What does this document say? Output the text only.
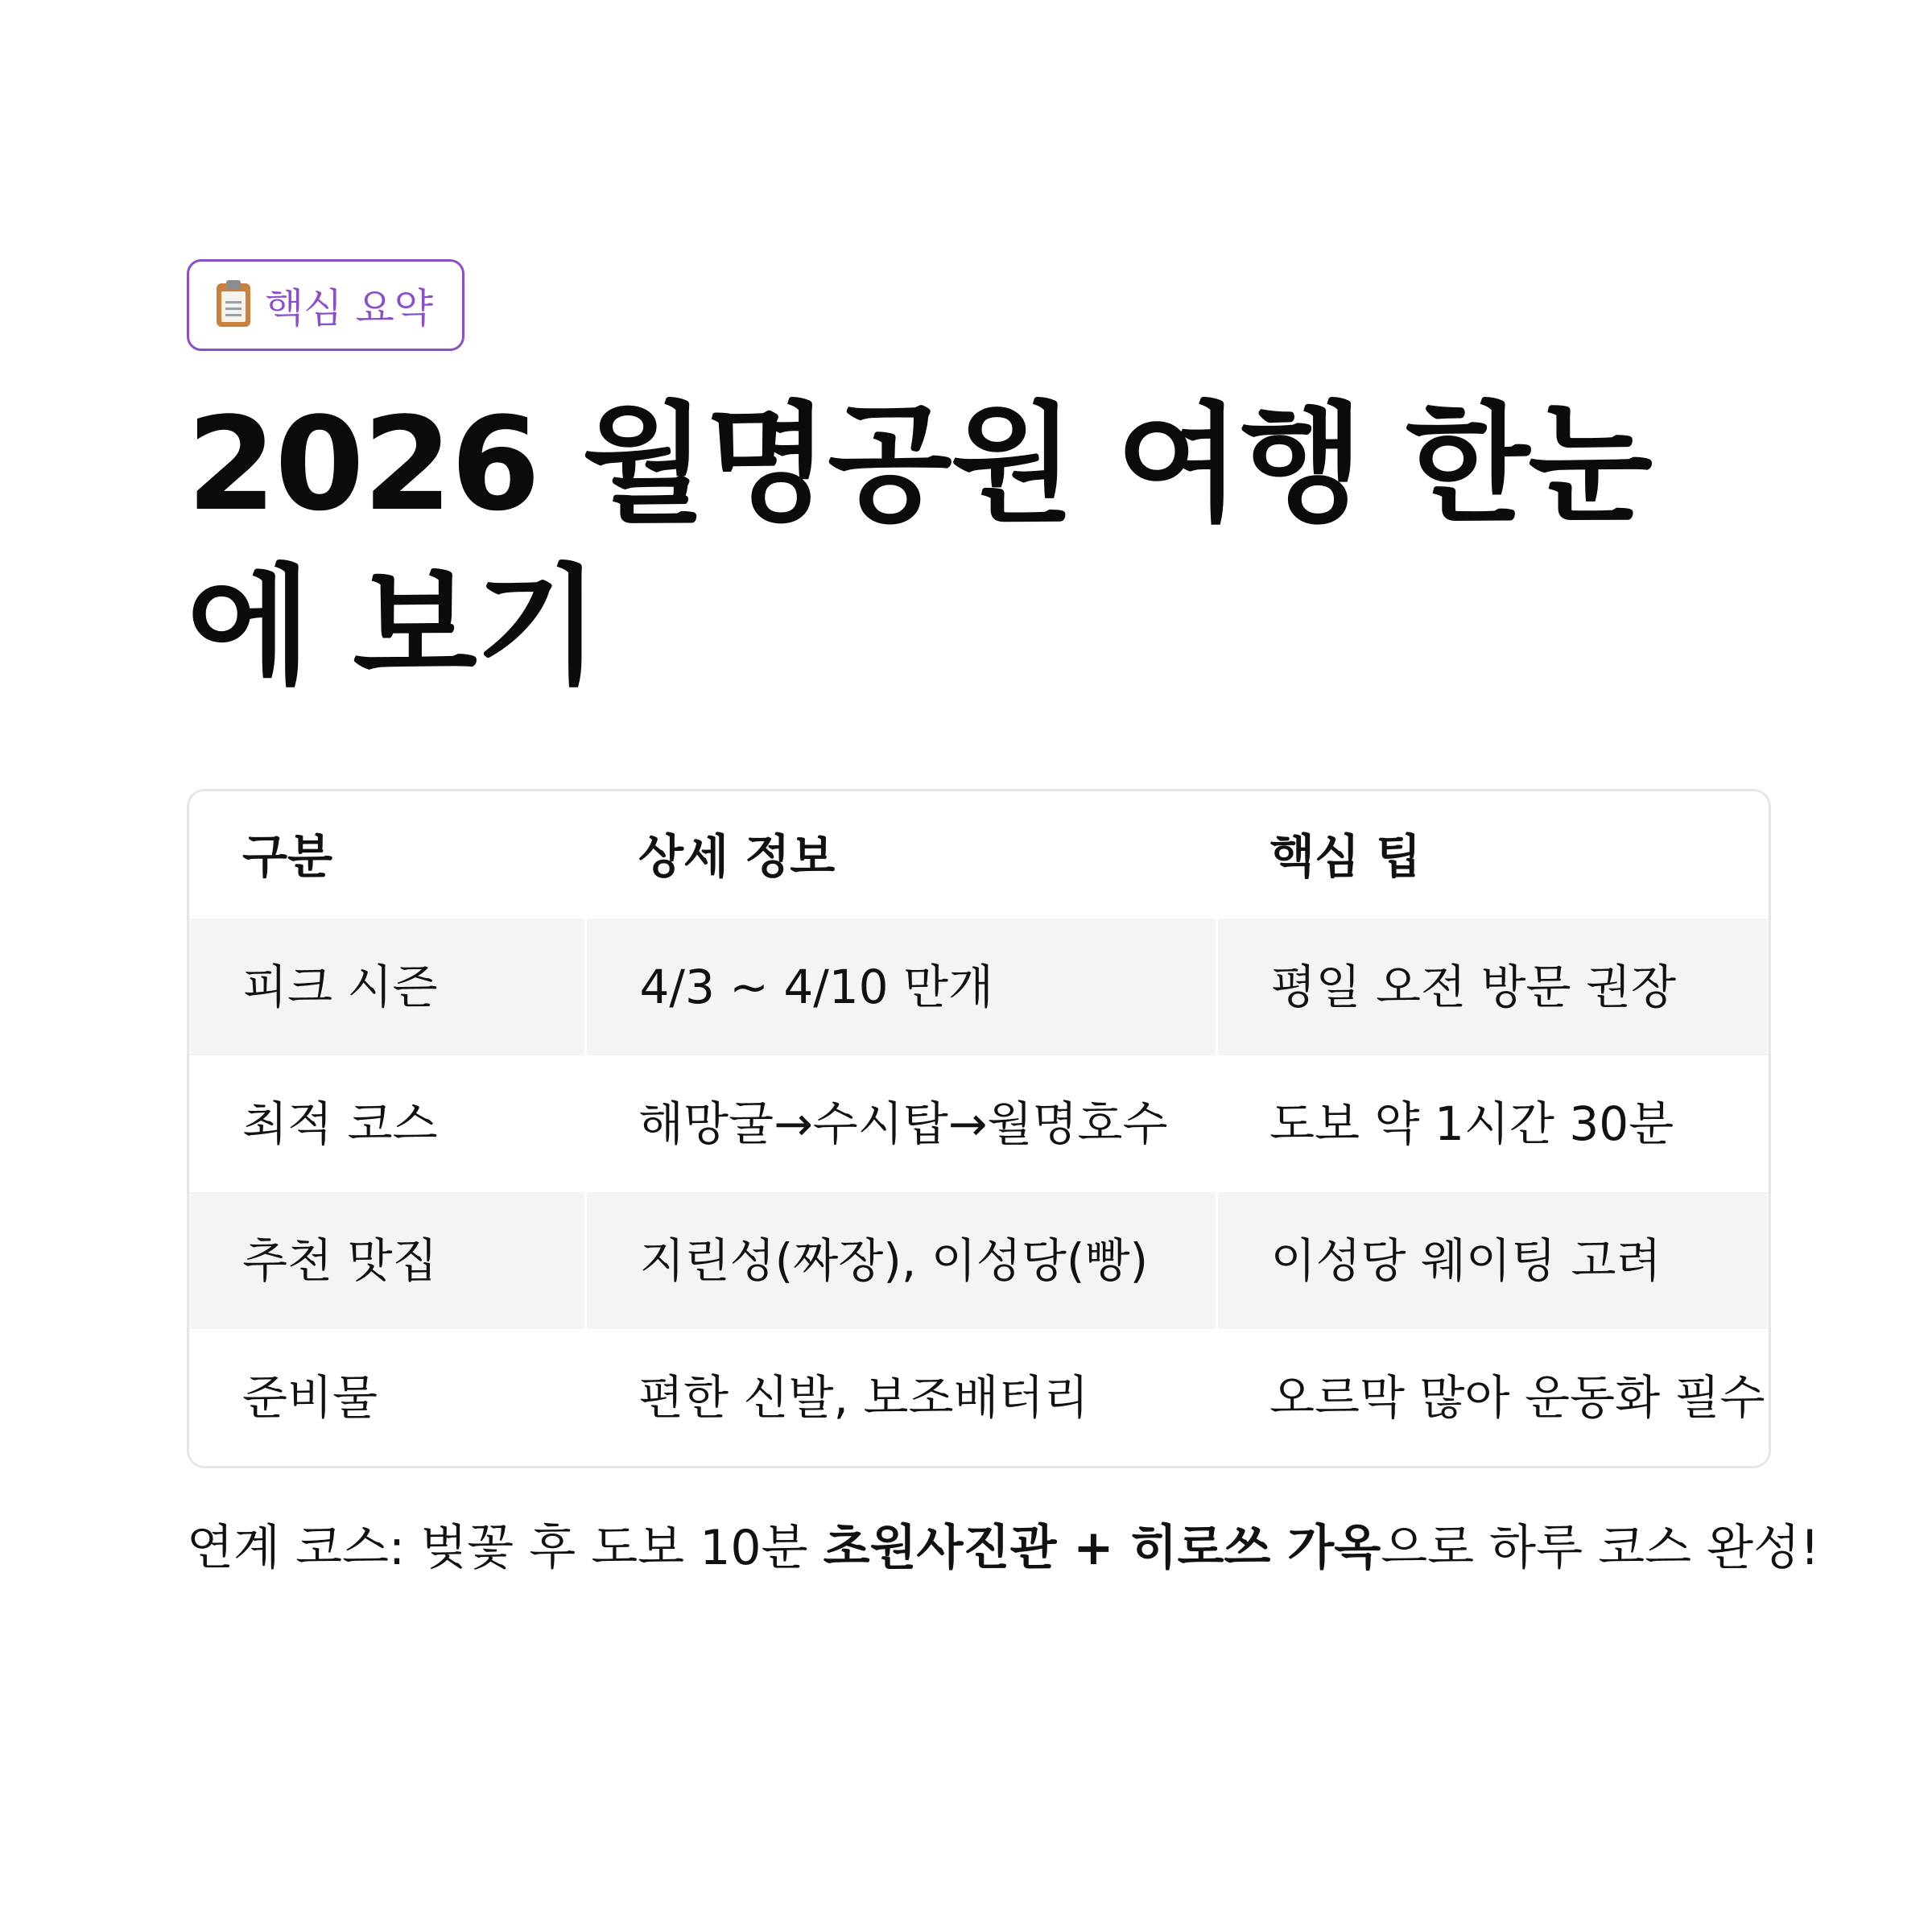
핵심 요약
2026 월명공원 여행 한눈에 보기
구분	상세 정보	핵심 팁
피크 시즌	4/3 ~ 4/10 만개	평일 오전 방문 권장
최적 코스	해망굴→수시탑→월명호수	도보 약 1시간 30분
추천 맛집	지린성(짜장), 이성당(빵)	이성당 웨이팅 고려
준비물	편한 신발, 보조배터리	오르막 많아 운동화 필수

연계 코스: 벚꽃 후 도보 10분 초원사진관 + 히로쓰 가옥으로 하루 코스 완성!
